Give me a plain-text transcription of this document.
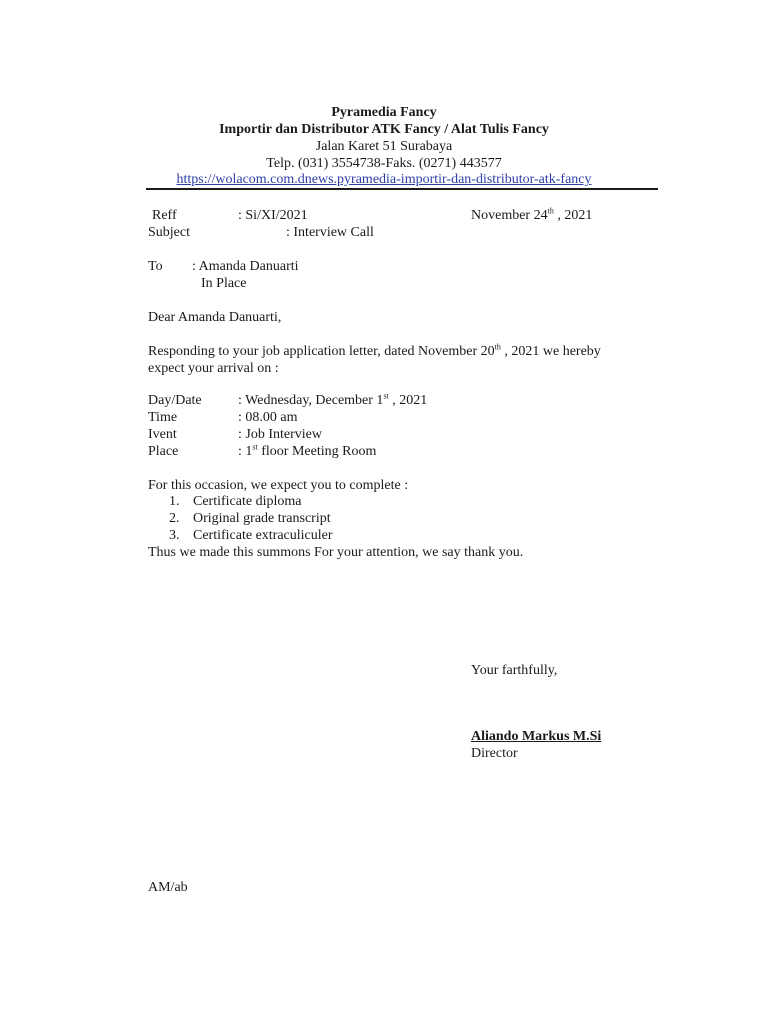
Pyramedia Fancy
Importir dan Distributor ATK Fancy / Alat Tulis Fancy
Jalan Karet 51 Surabaya
Telp. (031) 3554738-Faks. (0271) 443577
https://wolacom.com.dnews.pyramedia-importir-dan-distributor-atk-fancy
Reff	: Si/XI/2021	November 24th , 2021
Subject	: Interview Call
To : Amanda Danuarti
In Place
Dear Amanda Danuarti,
Responding to your job application letter, dated November 20th , 2021 we hereby
expect your arrival on :
Day/Date	: Wednesday, December 1st , 2021
Time	: 08.00 am
Ivent	: Job Interview
Place	: 1st floor Meeting Room
For this occasion, we expect you to complete :
1. Certificate diploma
2. Original grade transcript
3. Certificate extraculiculer
Thus we made this summons For your attention, we say thank you.
Your farthfully,
Aliando Markus M.Si
Director
AM/ab
